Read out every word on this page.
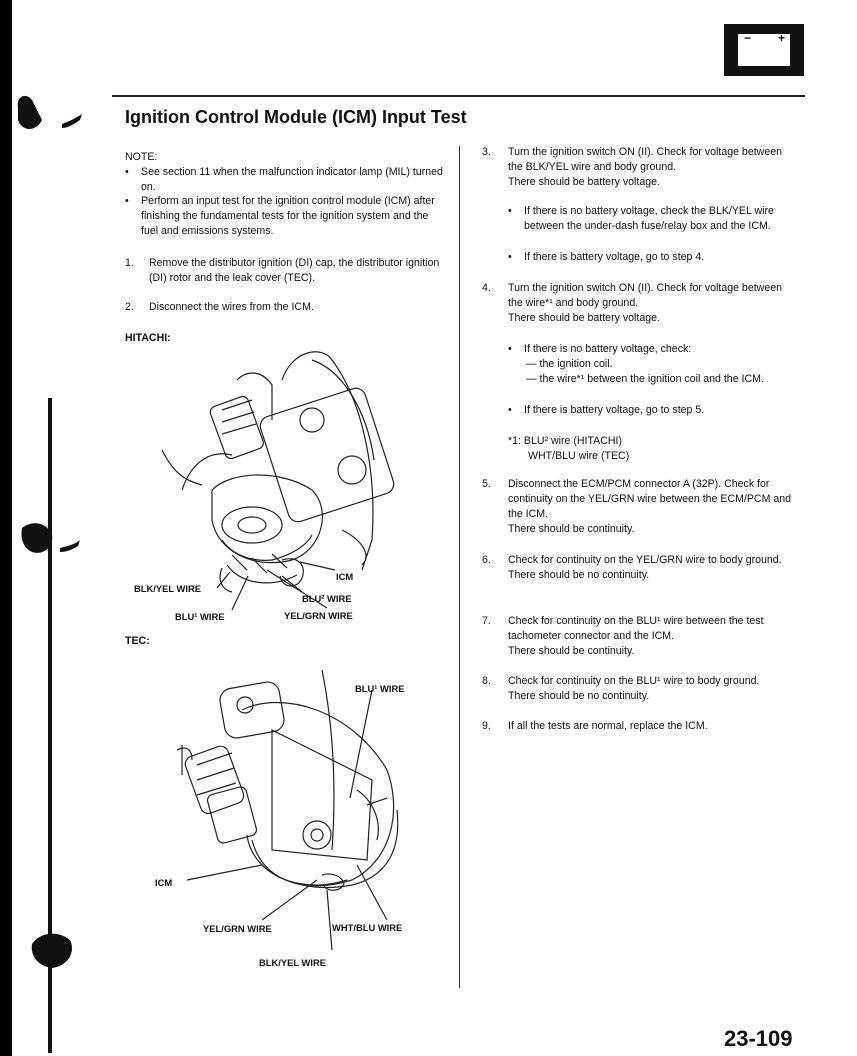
− +
Ignition Control Module (ICM) Input Test
NOTE:
• See section 11 when the malfunction indicator lamp (MIL) turned on.
• Perform an input test for the ignition control module (ICM) after finishing the fundamental tests for the ignition system and the fuel and emissions systems.
1. Remove the distributor ignition (DI) cap, the distributor ignition (DI) rotor and the leak cover (TEC).
2. Disconnect the wires from the ICM.
HITACHI:
BLK/YEL WIRE
ICM
BLU² WIRE
BLU¹ WIRE	YEL/GRN WIRE
TEC:
BLU¹ WIRE
ICM
YEL/GRN WIRE	WHT/BLU WIRE
BLK/YEL WIRE
3. Turn the ignition switch ON (II). Check for voltage between the BLK/YEL wire and body ground.
There should be battery voltage.
• If there is no battery voltage, check the BLK/YEL wire between the under-dash fuse/relay box and the ICM.
• If there is battery voltage, go to step 4.
4. Turn the ignition switch ON (II). Check for voltage between the wire*¹ and body ground.
There should be battery voltage.
• If there is no battery voltage, check:
— the ignition coil.
— the wire*¹ between the ignition coil and the ICM.
• If there is battery voltage, go to step 5.
*1: BLU² wire (HITACHI)
WHT/BLU wire (TEC)
5. Disconnect the ECM/PCM connector A (32P). Check for continuity on the YEL/GRN wire between the ECM/PCM and the ICM.
There should be continuity.
6. Check for continuity on the YEL/GRN wire to body ground.
There should be no continuity.
7. Check for continuity on the BLU¹ wire between the test tachometer connector and the ICM.
There should be continuity.
8. Check for continuity on the BLU¹ wire to body ground.
There should be no continuity.
9. If all the tests are normal, replace the ICM.
23-109
